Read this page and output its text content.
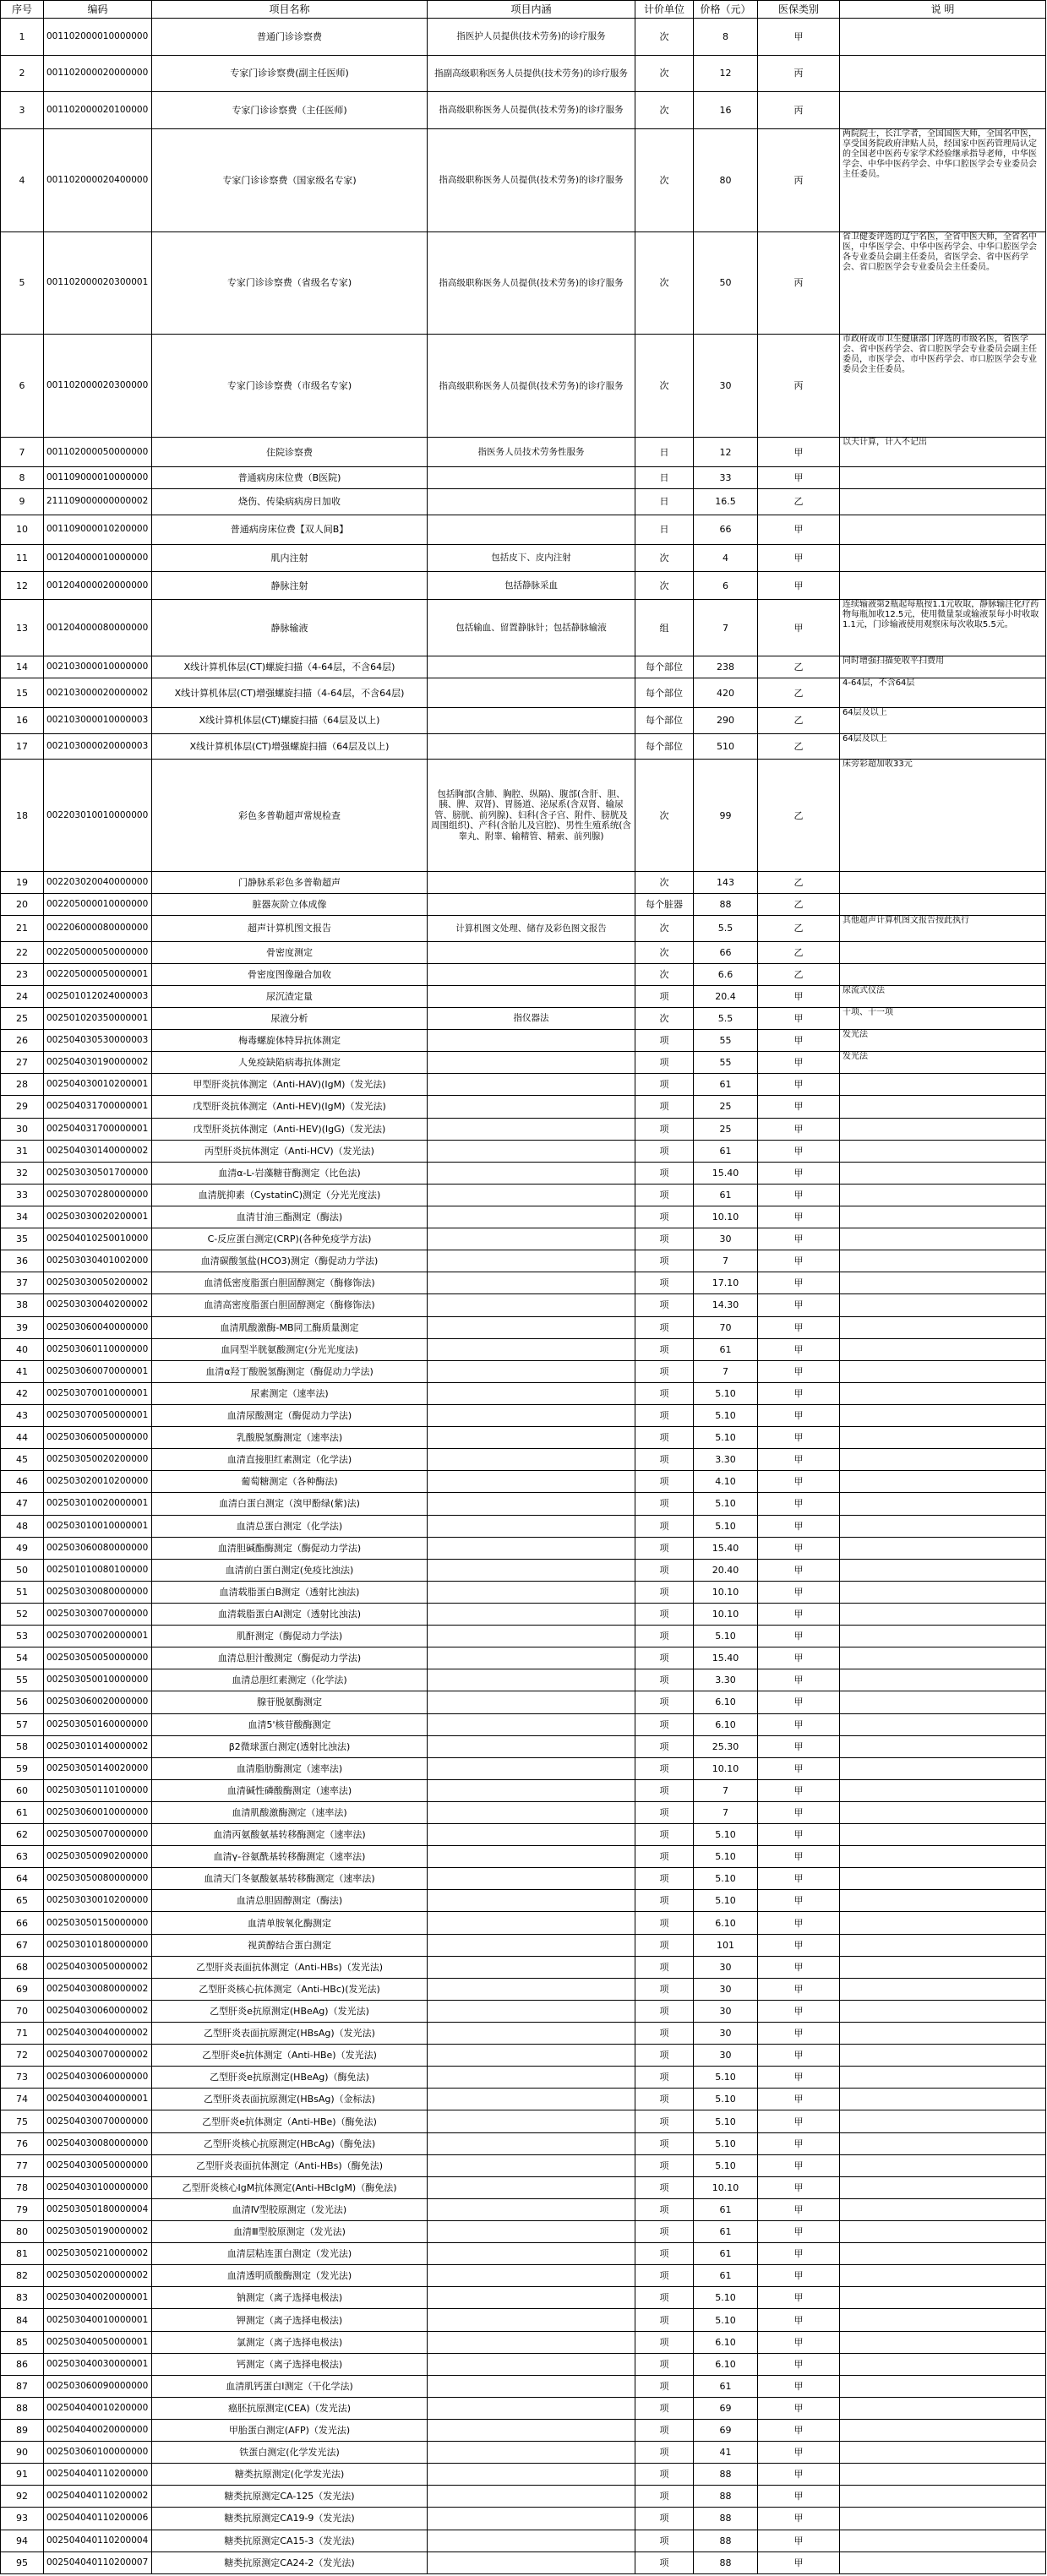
序号	编码	项目名称	项目内涵	计价单位	价格（元）	医保类别	说 明
1	001102000010000000	普通门诊诊察费	指医护人员提供(技术劳务)的诊疗服务	次	8	甲	
2	001102000020000000	专家门诊诊察费(副主任医师)	指副高级职称医务人员提供(技术劳务)的诊疗服务	次	12	丙	
3	001102000020100000	专家门诊诊察费（主任医师)	指高级职称医务人员提供(技术劳务)的诊疗服务	次	16	丙	
4	001102000020400000	专家门诊诊察费（国家级名专家)	指高级职称医务人员提供(技术劳务)的诊疗服务	次	80	丙	两院院士，长江学者，全国国医大师，全国名中医，享受国务院政府津贴人员，经国家中医药管理局认定的全国老中医药专家学术经验继承指导老师，中华医学会、中华中医药学会、中华口腔医学会专业委员会主任委员。
5	001102000020300001	专家门诊诊察费（省级名专家)	指高级职称医务人员提供(技术劳务)的诊疗服务	次	50	丙	省卫健委评选的辽宁名医，全省中医大师，全省名中医，中华医学会、中华中医药学会、中华口腔医学会各专业委员会副主任委员，省医学会、省中医药学会、省口腔医学会专业委员会主任委员。
6	001102000020300000	专家门诊诊察费（市级名专家)	指高级职称医务人员提供(技术劳务)的诊疗服务	次	30	丙	市政府或市卫生健康部门评选的市级名医，省医学会、省中医药学会、省口腔医学会专业委员会副主任委员，市医学会、市中医药学会、市口腔医学会专业委员会主任委员。
7	001102000050000000	住院诊察费	指医务人员技术劳务性服务	日	12	甲	以天计算，计入不记出
8	001109000010000000	普通病房床位费（B医院)		日	33	甲	
9	211109000000000002	烧伤、传染病病房日加收		日	16.5	乙	
10	001109000010200000	普通病房床位费【双人间B】		日	66	甲	
11	001204000010000000	肌内注射	包括皮下、皮内注射	次	4	甲	
12	001204000020000000	静脉注射	包括静脉采血	次	6	甲	
13	001204000080000000	静脉输液	包括输血、留置静脉针；包括静脉输液	组	7	甲	连续输液第2瓶起每瓶按1.1元收取，静脉输注化疗药物每瓶加收12.5元，使用微量泵或输液泵每小时收取1.1元，门诊输液使用观察床每次收取5.5元。
14	002103000010000000	X线计算机体层(CT)螺旋扫描（4-64层，不含64层)		每个部位	238	乙	同时增强扫描免收平扫费用
15	002103000020000002	X线计算机体层(CT)增强螺旋扫描（4-64层，不含64层)		每个部位	420	乙	4-64层，不含64层
16	002103000010000003	X线计算机体层(CT)螺旋扫描（64层及以上)		每个部位	290	乙	64层及以上
17	002103000020000003	X线计算机体层(CT)增强螺旋扫描（64层及以上)		每个部位	510	乙	64层及以上
18	002203010010000000	彩色多普勒超声常规检查	包括胸部(含肺、胸腔、纵隔)、腹部(含肝、胆、胰、脾、双肾)、胃肠道、泌尿系(含双肾、输尿管、膀胱、前列腺)、妇科(含子宫、附件、膀胱及周围组织)、产科(含胎儿及宫腔)、男性生殖系统(含睾丸、附睾、输精管、精索、前列腺)	次	99	乙	床旁彩超加收33元
19	002203020040000000	门静脉系彩色多普勒超声		次	143	乙	
20	002205000010000000	脏器灰阶立体成像		每个脏器	88	乙	
21	002206000080000000	超声计算机图文报告	计算机图文处理、储存及彩色图文报告	次	5.5	乙	其他超声计算机图文报告按此执行
22	002205000050000000	骨密度测定		次	66	乙	
23	002205000050000001	骨密度图像融合加收		次	6.6	乙	
24	002501012024000003	尿沉渣定量		项	20.4	甲	尿流式仪法
25	002501020350000001	尿液分析	指仪器法	次	5.5	甲	十项、十一项
26	002504030530000003	梅毒螺旋体特异抗体测定		项	55	甲	发光法
27	002504030190000002	人免疫缺陷病毒抗体测定		项	55	甲	发光法
28	002504030010200001	甲型肝炎抗体测定（Anti-HAV)(IgM)（发光法)		项	61	甲	
29	002504031700000001	戊型肝炎抗体测定（Anti-HEV)(IgM)（发光法)		项	25	甲	
30	002504031700000001	戊型肝炎抗体测定（Anti-HEV)(IgG)（发光法)		项	25	甲	
31	002504030140000002	丙型肝炎抗体测定（Anti-HCV)（发光法)		项	61	甲	
32	002503030501700000	血清α-L-岩藻糖苷酶测定（比色法)		项	15.40	甲	
33	002503070280000000	血清胱抑素（CystatinC)测定（分光光度法)		项	61	甲	
34	002503030020200001	血清甘油三酯测定（酶法)		项	10.10	甲	
35	002504010250010000	C-反应蛋白测定(CRP)(各种免疫学方法)		项	30	甲	
36	002503030401002000	血清碳酸氢盐(HCO3)测定（酶促动力学法)		项	7	甲	
37	002503030050200002	血清低密度脂蛋白胆固醇测定（酶修饰法)		项	17.10	甲	
38	002503030040200002	血清高密度脂蛋白胆固醇测定（酶修饰法)		项	14.30	甲	
39	002503060040000000	血清肌酸激酶-MB同工酶质量测定		项	70	甲	
40	002503060110000000	血同型半胱氨酸测定(分光光度法)		项	61	甲	
41	002503060070000001	血清α羟丁酸脱氢酶测定（酶促动力学法)		项	7	甲	
42	002503070010000001	尿素测定（速率法)		项	5.10	甲	
43	002503070050000001	血清尿酸测定（酶促动力学法)		项	5.10	甲	
44	002503060050000000	乳酸脱氢酶测定（速率法)		项	5.10	甲	
45	002503050020200000	血清直接胆红素测定（化学法)		项	3.30	甲	
46	002503020010200000	葡萄糖测定（各种酶法)		项	4.10	甲	
47	002503010020000001	血清白蛋白测定（溴甲酚绿(紫)法)		项	5.10	甲	
48	002503010010000001	血清总蛋白测定（化学法)		项	5.10	甲	
49	002503060080000000	血清胆碱酯酶测定（酶促动力学法)		项	15.40	甲	
50	002501010080100000	血清前白蛋白测定(免疫比浊法)		项	20.40	甲	
51	002503030080000000	血清载脂蛋白B测定（透射比浊法)		项	10.10	甲	
52	002503030070000000	血清载脂蛋白AⅠ测定（透射比浊法)		项	10.10	甲	
53	002503070020000001	肌酐测定（酶促动力学法)		项	5.10	甲	
54	002503050050000000	血清总胆汁酸测定（酶促动力学法)		项	15.40	甲	
55	002503050010000000	血清总胆红素测定（化学法)		项	3.30	甲	
56	002503060020000000	腺苷脱氨酶测定		项	6.10	甲	
57	002503050160000000	血清5'核苷酸酶测定		项	6.10	甲	
58	002503010140000002	β2微球蛋白测定(透射比浊法)		项	25.30	甲	
59	002503050140020000	血清脂肪酶测定（速率法)		项	10.10	甲	
60	002503050110100000	血清碱性磷酸酶测定（速率法)		项	7	甲	
61	002503060010000000	血清肌酸激酶测定（速率法)		项	7	甲	
62	002503050070000000	血清丙氨酸氨基转移酶测定（速率法)		项	5.10	甲	
63	002503050090200000	血清γ-谷氨酰基转移酶测定（速率法)		项	5.10	甲	
64	002503050080000000	血清天门冬氨酸氨基转移酶测定（速率法)		项	5.10	甲	
65	002503030010200000	血清总胆固醇测定（酶法)		项	5.10	甲	
66	002503050150000000	血清单胺氧化酶测定		项	6.10	甲	
67	002503010180000000	视黄醇结合蛋白测定		项	101	甲	
68	002504030050000002	乙型肝炎表面抗体测定（Anti-HBs)（发光法)		项	30	甲	
69	002504030080000002	乙型肝炎核心抗体测定（Anti-HBc)(发光法)		项	30	甲	
70	002504030060000002	乙型肝炎e抗原测定(HBeAg)（发光法)		项	30	甲	
71	002504030040000002	乙型肝炎表面抗原测定(HBsAg)（发光法)		项	30	甲	
72	002504030070000002	乙型肝炎e抗体测定（Anti-HBe)（发光法)		项	30	甲	
73	002504030060000000	乙型肝炎e抗原测定(HBeAg)（酶免法)		项	5.10	甲	
74	002504030040000001	乙型肝炎表面抗原测定(HBsAg)（金标法)		项	5.10	甲	
75	002504030070000000	乙型肝炎e抗体测定（Anti-HBe)（酶免法)		项	5.10	甲	
76	002504030080000000	乙型肝炎核心抗原测定(HBcAg)（酶免法)		项	5.10	甲	
77	002504030050000000	乙型肝炎表面抗体测定（Anti-HBs)（酶免法)		项	5.10	甲	
78	002504030100000000	乙型肝炎核心IgM抗体测定(Anti-HBcIgM)（酶免法)		项	10.10	甲	
79	002503050180000004	血清Ⅳ型胶原测定（发光法)		项	61	甲	
80	002503050190000002	血清Ⅲ型胶原测定（发光法)		项	61	甲	
81	002503050210000002	血清层粘连蛋白测定（发光法)		项	61	甲	
82	002503050200000002	血清透明质酸酶测定（发光法)		项	61	甲	
83	002503040020000001	钠测定（离子选择电极法)		项	5.10	甲	
84	002503040010000001	钾测定（离子选择电极法)		项	5.10	甲	
85	002503040050000001	氯测定（离子选择电极法)		项	6.10	甲	
86	002503040030000001	钙测定（离子选择电极法)		项	6.10	甲	
87	002503060090000000	血清肌钙蛋白Ⅰ测定（干化学法)		项	61	甲	
88	002504040010200000	癌胚抗原测定(CEA)（发光法)		项	69	甲	
89	002504040020000000	甲胎蛋白测定(AFP)（发光法)		项	69	甲	
90	002503060100000000	铁蛋白测定(化学发光法)		项	41	甲	
91	002504040110200000	糖类抗原测定(化学发光法)		项	88	甲	
92	002504040110200002	糖类抗原测定CA-125（发光法)		项	88	甲	
93	002504040110200006	糖类抗原测定CA19-9（发光法)		项	88	甲	
94	002504040110200004	糖类抗原测定CA15-3（发光法)		项	88	甲	
95	002504040110200007	糖类抗原测定CA24-2（发光法)		项	88	甲	
